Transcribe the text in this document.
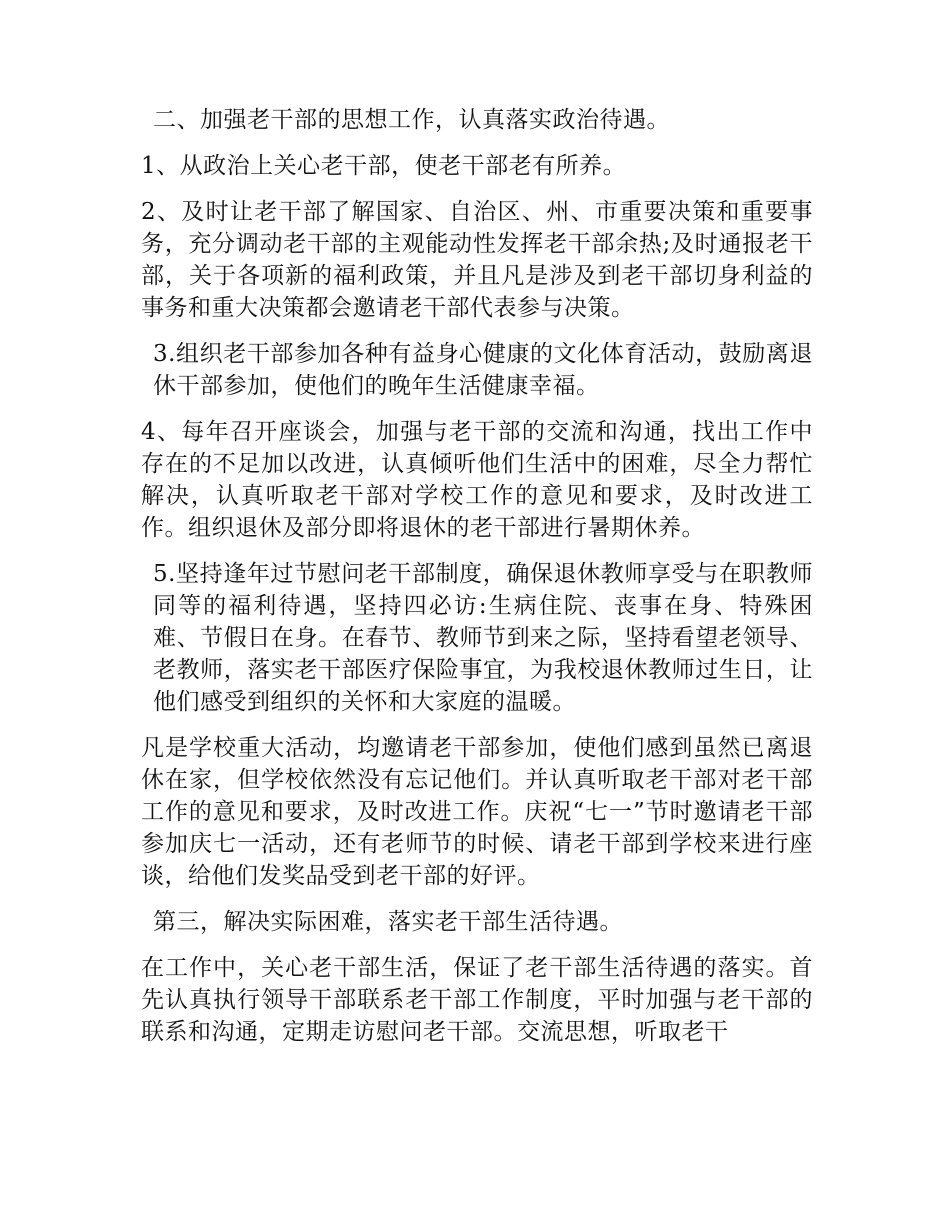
二、加强老干部的思想工作，认真落实政治待遇。

1、从政治上关心老干部，使老干部老有所养。

2、及时让老干部了解国家、自治区、州、市重要决策和重要事务，充分调动老干部的主观能动性发挥老干部余热;及时通报老干部，关于各项新的福利政策，并且凡是涉及到老干部切身利益的事务和重大决策都会邀请老干部代表参与决策。

3.组织老干部参加各种有益身心健康的文化体育活动，鼓励离退休干部参加，使他们的晚年生活健康幸福。

4、每年召开座谈会，加强与老干部的交流和沟通，找出工作中存在的不足加以改进，认真倾听他们生活中的困难，尽全力帮忙解决，认真听取老干部对学校工作的意见和要求，及时改进工作。组织退休及部分即将退休的老干部进行暑期休养。

5.坚持逢年过节慰问老干部制度，确保退休教师享受与在职教师同等的福利待遇，坚持四必访:生病住院、丧事在身、特殊困难、节假日在身。在春节、教师节到来之际，坚持看望老领导、老教师，落实老干部医疗保险事宜，为我校退休教师过生日，让他们感受到组织的关怀和大家庭的温暖。

凡是学校重大活动，均邀请老干部参加，使他们感到虽然已离退休在家，但学校依然没有忘记他们。并认真听取老干部对老干部工作的意见和要求，及时改进工作。庆祝“七一”节时邀请老干部参加庆七一活动，还有老师节的时候、请老干部到学校来进行座谈，给他们发奖品受到老干部的好评。

第三，解决实际困难，落实老干部生活待遇。

在工作中，关心老干部生活，保证了老干部生活待遇的落实。首先认真执行领导干部联系老干部工作制度，平时加强与老干部的联系和沟通，定期走访慰问老干部。交流思想，听取老干
